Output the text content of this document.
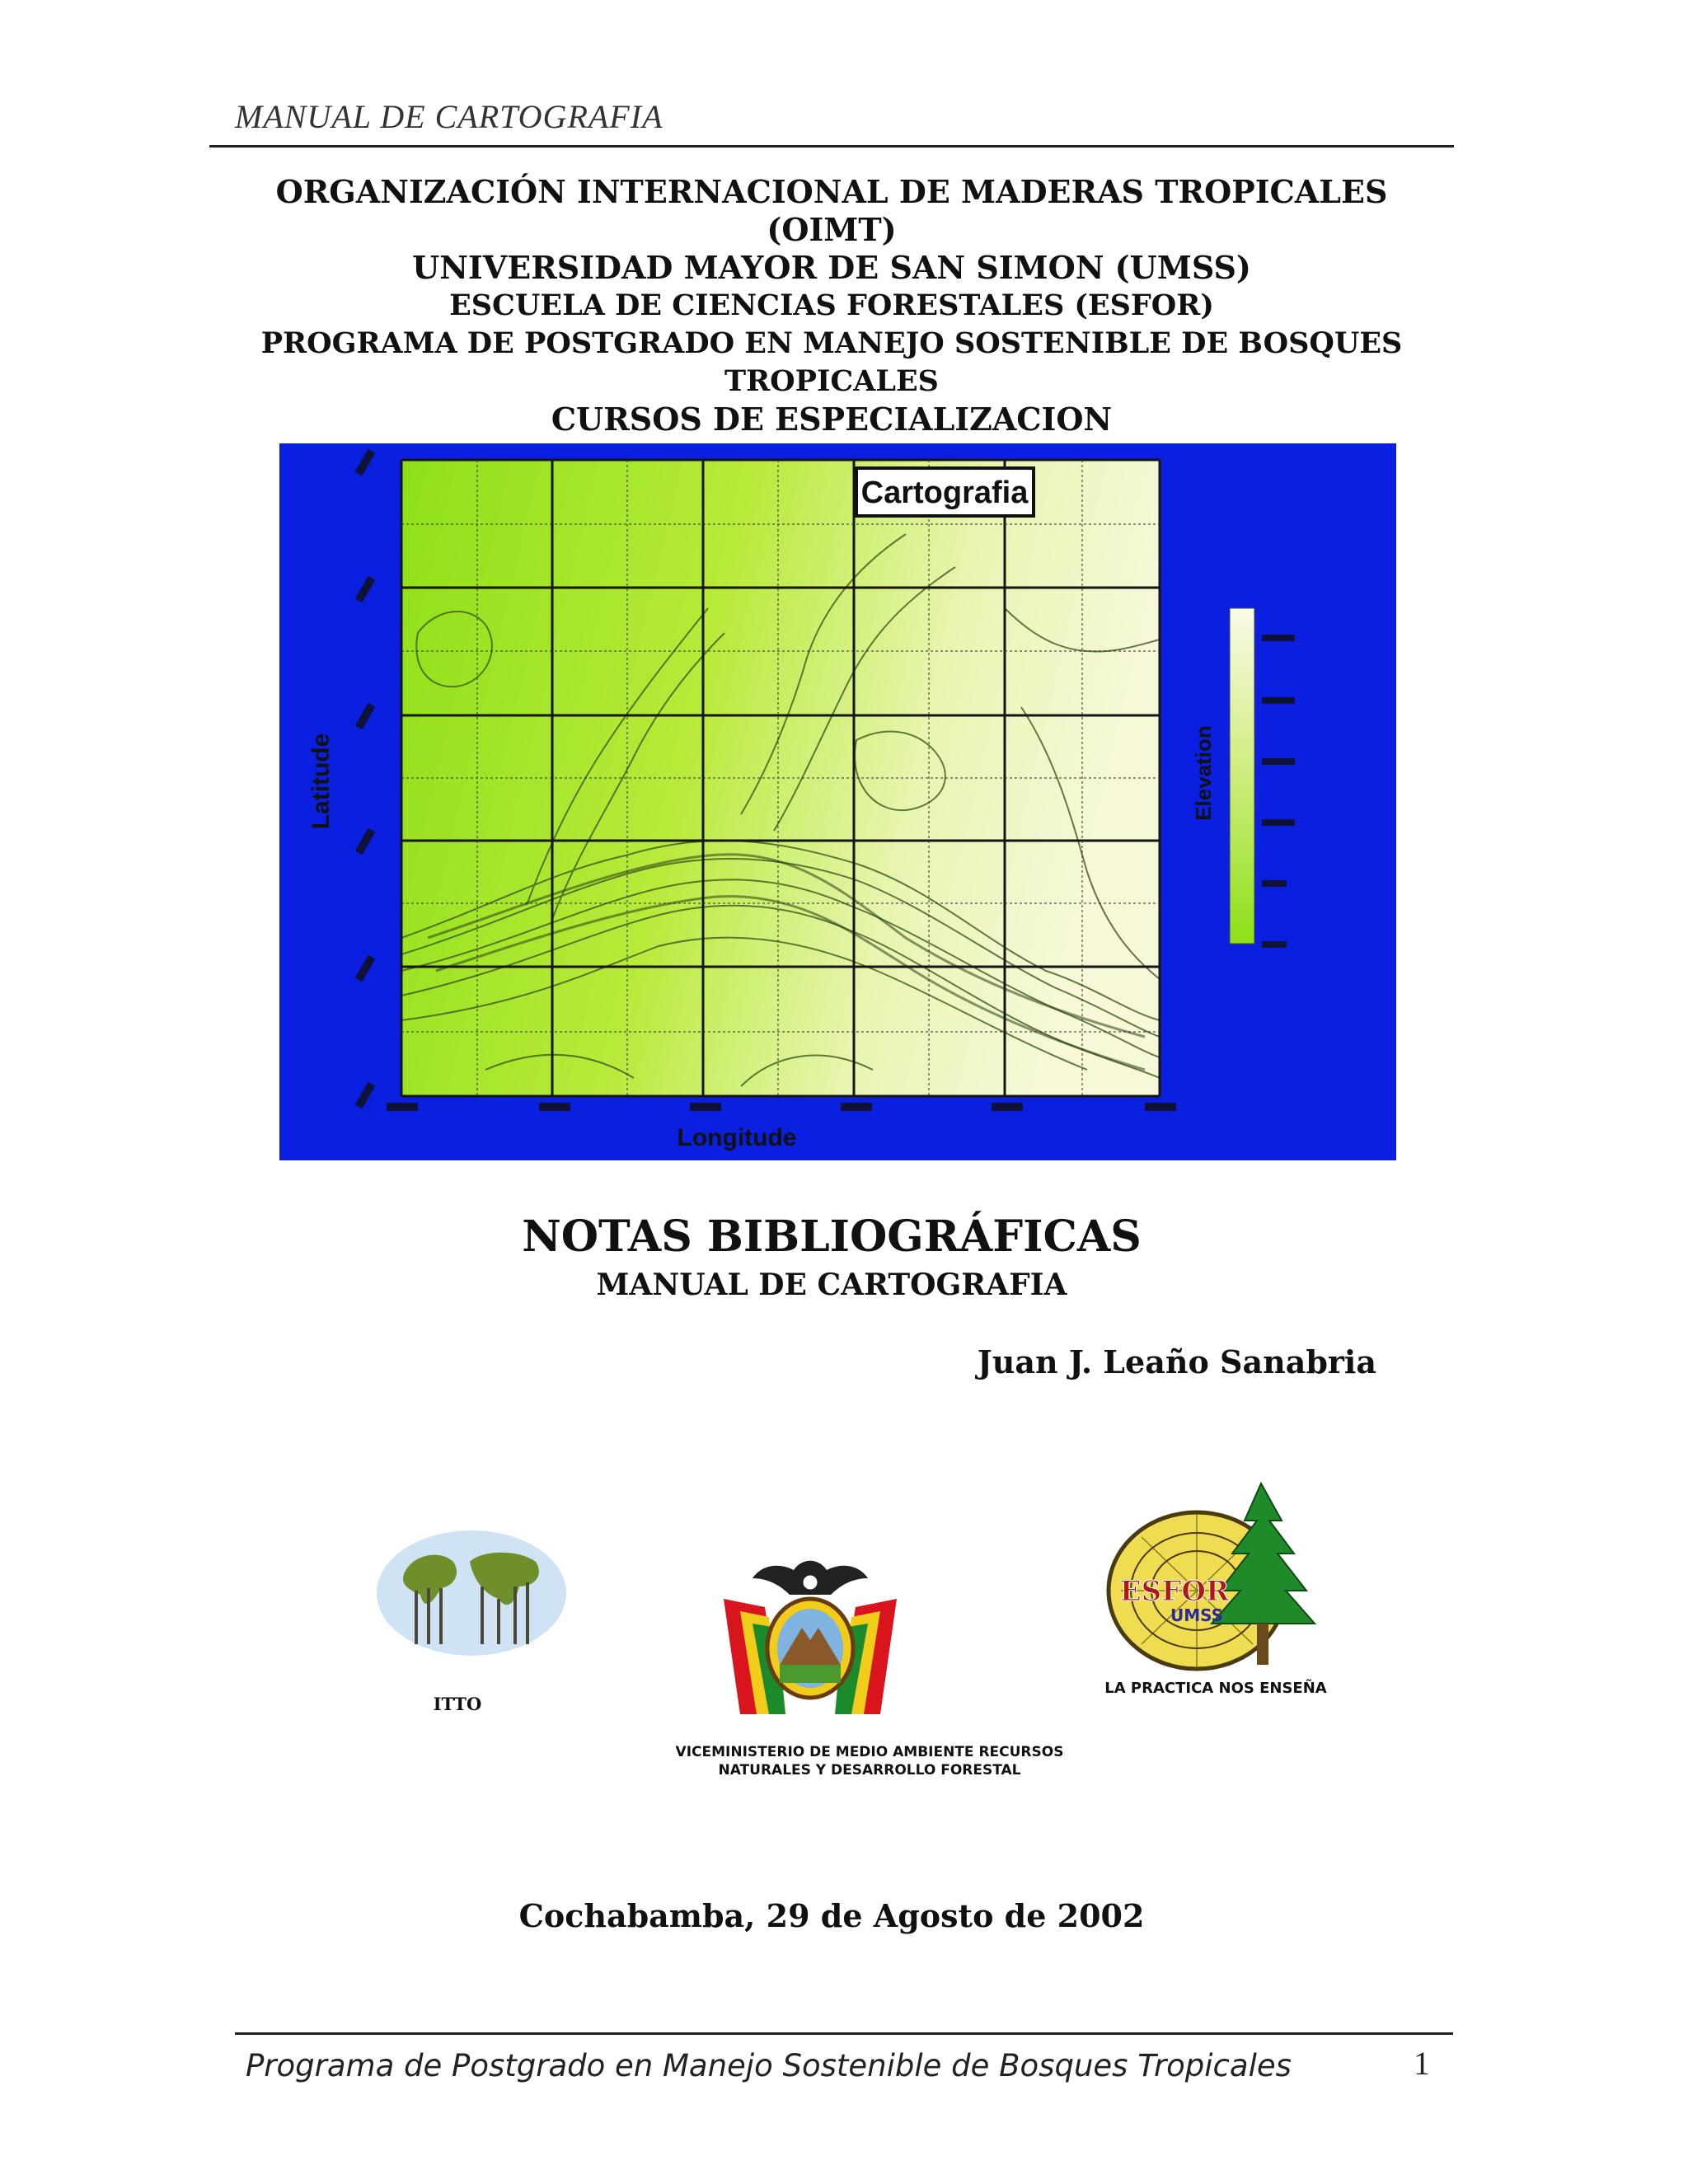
MANUAL DE CARTOGRAFIA
ORGANIZACIÓN INTERNACIONAL DE MADERAS TROPICALES (OIMT)
UNIVERSIDAD MAYOR DE SAN SIMON (UMSS)
ESCUELA DE CIENCIAS FORESTALES (ESFOR)
PROGRAMA DE POSTGRADO EN MANEJO SOSTENIBLE DE BOSQUES
TROPICALES
CURSOS DE ESPECIALIZACION
Cartografia
Longitude
Latitude	Elevation
NOTAS BIBLIOGRÁFICAS
MANUAL DE CARTOGRAFIA
Juan J. Leaño Sanabria
ITTO
VICEMINISTERIO DE MEDIO AMBIENTE RECURSOS
NATURALES Y DESARROLLO FORESTAL
ESFOR
UMSS
LA PRACTICA NOS ENSEÑA
Cochabamba, 29 de Agosto de 2002
Programa de Postgrado en Manejo Sostenible de Bosques Tropicales	1
